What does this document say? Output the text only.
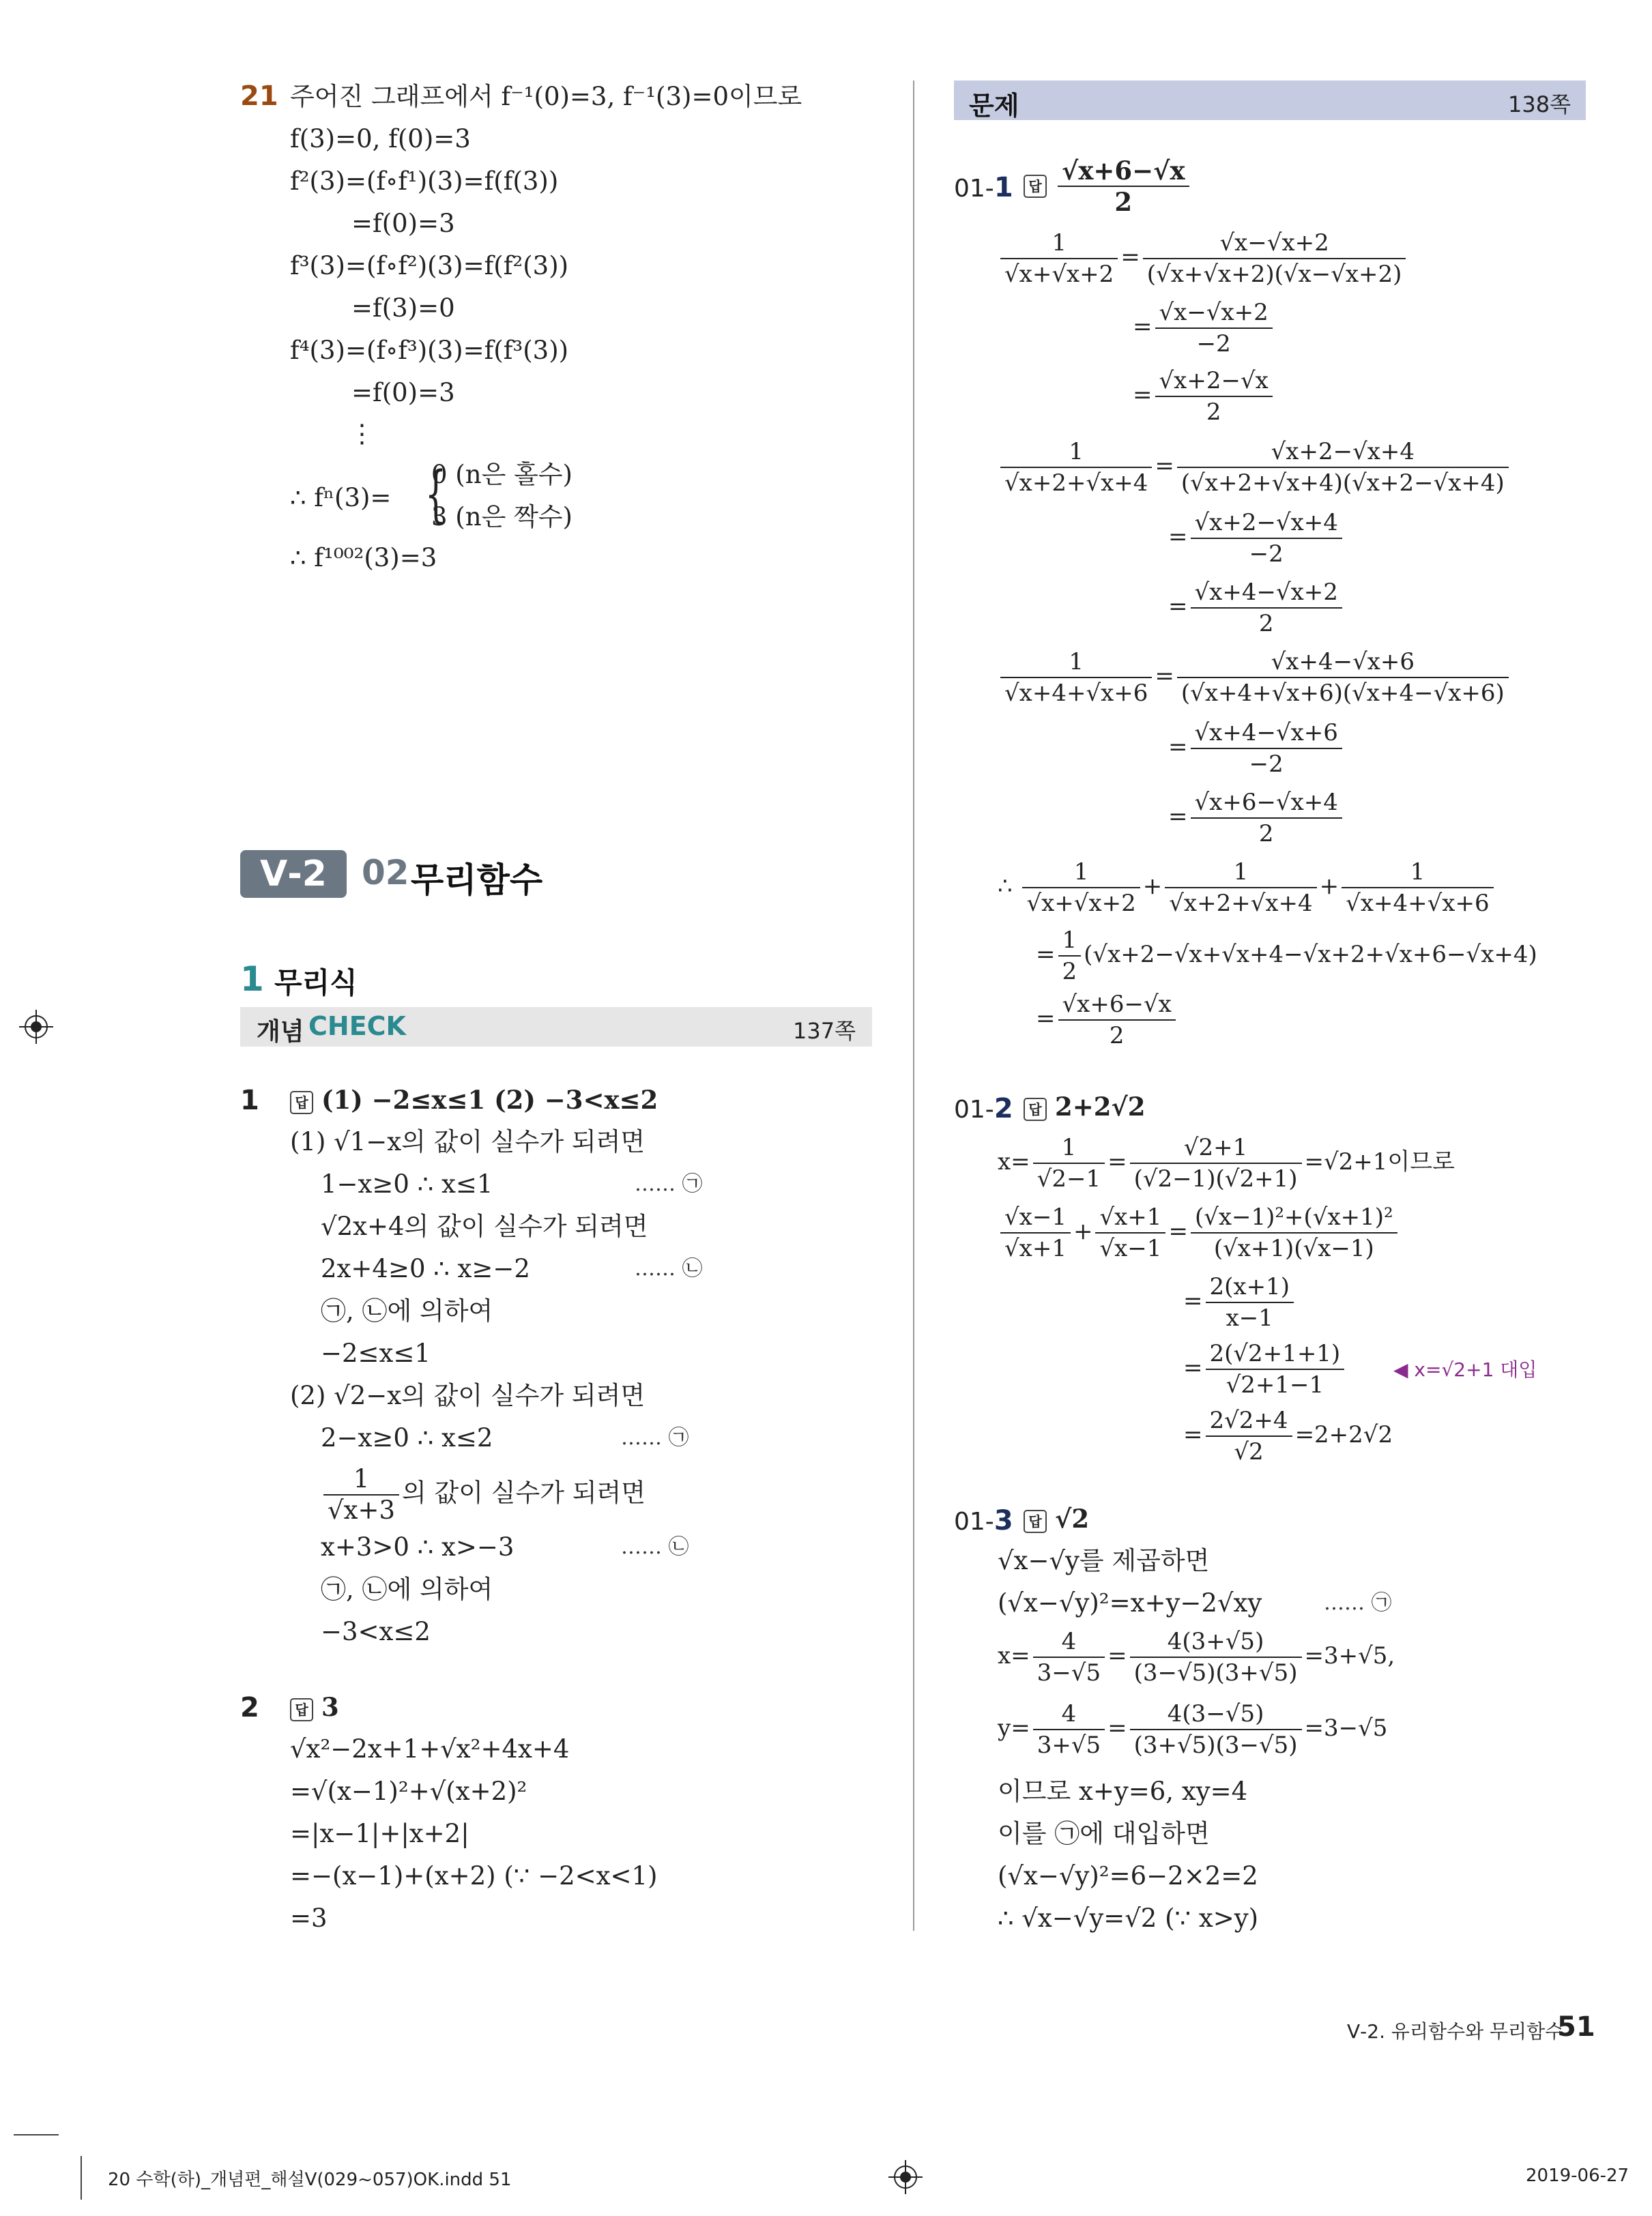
21 주어진 그래프에서 f⁻¹(0)=3, f⁻¹(3)=0이므로
f(3)=0, f(0)=3
f²(3)=(f∘f¹)(3)=f(f(3))
=f(0)=3
f³(3)=(f∘f²)(3)=f(f²(3))
=f(3)=0
f⁴(3)=(f∘f³)(3)=f(f³(3))
=f(0)=3
⋮
0 (n은 홀수)
∴ fⁿ(3)= {
3 (n은 짝수)
∴ f¹⁰⁰²(3)=3
Ⅴ-2	02 무리함수
1 무리식
개념 CHECK	137쪽
1	답 (1) −2≤x≤1 (2) −3<x≤2
(1) √1−x의 값이 실수가 되려면
1−x≥0 ∴ x≤1	…… ㉠
√2x+4의 값이 실수가 되려면
2x+4≥0 ∴ x≥−2	…… ㉡
㉠, ㉡에 의하여
−2≤x≤1
(2) √2−x의 값이 실수가 되려면
2−x≥0 ∴ x≤2	…… ㉠
$\frac{1}{√x+3}$ 의 값이 실수가 되려면
x+3>0 ∴ x>−3	…… ㉡
㉠, ㉡에 의하여
−3<x≤2
2	답 3
√x²−2x+1+√x²+4x+4
=√(x−1)²+√(x+2)²
=|x−1|+|x+2|
=−(x−1)+(x+2) (∵ −2<x<1)
=3
문제	138쪽
01-1	답 $\frac{√x+6-√x}{2}$
$\frac{1}{√x+√x+2} = \frac{√x-√x+2}{(√x+√x+2)(√x-√x+2)}$
= $\frac{√x-√x+2}{-2}$
= $\frac{√x+2-√x}{2}$
$\frac{1}{√x+2+√x+4} = \frac{√x+2-√x+4}{(√x+2+√x+4)(√x+2-√x+4)}$
= $\frac{√x+2-√x+4}{-2}$
= $\frac{√x+4-√x+2}{2}$
$\frac{1}{√x+4+√x+6} = \frac{√x+4-√x+6}{(√x+4+√x+6)(√x+4-√x+6)}$
= $\frac{√x+4-√x+6}{-2}$
= $\frac{√x+6-√x+4}{2}$
∴ $\frac{1}{√x+√x+2} + \frac{1}{√x+2+√x+4} + \frac{1}{√x+4+√x+6}$
= $\frac{1}{2} (√x+2-√x+√x+4-√x+2+√x+6-√x+4)$
= $\frac{√x+6-√x}{2}$
01-2	답 2+2√2
$x= \frac{1}{√2-1} = \frac{√2+1}{(√2-1)(√2+1)} =√2+1$이므로
$\frac{√x-1}{√x+1} + \frac{√x+1}{√x-1} = \frac{\text{(√x−1)²+(√x+1)²}}{(√x+1)(√x-1)}$
= $\frac{2(x+1)}{x-1}$
= $\frac{2(√2+1+1)}{√2+1-1}$	◀ x=√2+1 대입
= $\frac{2√2+4}{√2} =2+2√2$
01-3	답 √2
√x−√y를 제곱하면
(√x−√y)²=x+y−2√xy	…… ㉠
$x= \frac{4}{3-√5} = \frac{4(3+√5)}{(3-√5)(3+√5)} =3+√5$,
$y= \frac{4}{3+√5} = \frac{4(3-√5)}{(3+√5)(3-√5)} =3-√5$
이므로 x+y=6, xy=4
이를 ㉠에 대입하면
(√x−√y)²=6−2×2=2
∴ √x−√y=√2 (∵ x>y)
Ⅴ-2. 유리함수와 무리함수
51
20 수학(하)_개념편_해설Ⅴ(029~057)OK.indd 51	2019-06-27
